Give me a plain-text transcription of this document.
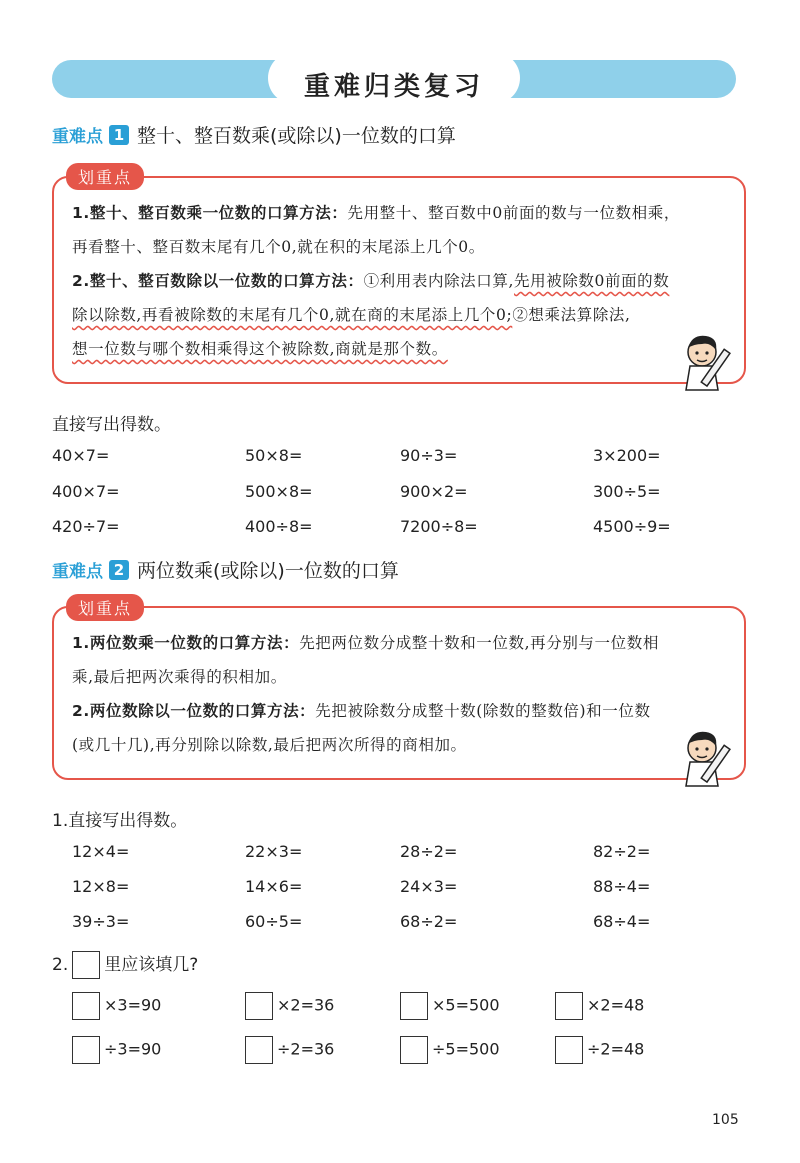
重难归类复习
重难点 1 整十、整百数乘(或除以)一位数的口算
划重点
1.整十、整百数乘一位数的口算方法：先用整十、整百数中0前面的数与一位数相乘，
再看整十、整百数末尾有几个0,就在积的末尾添上几个0。
2.整十、整百数除以一位数的口算方法：①利用表内除法口算,先用被除数0前面的数
除以除数,再看被除数的末尾有几个0,就在商的末尾添上几个0;②想乘法算除法,
想一位数与哪个数相乘得这个被除数,商就是那个数。
直接写出得数。
40×7=	50×8=	90÷3=	3×200=
400×7=	500×8=	900×2=	300÷5=
420÷7=	400÷8=	7200÷8=	4500÷9=
重难点 2 两位数乘(或除以)一位数的口算
划重点
1.两位数乘一位数的口算方法：先把两位数分成整十数和一位数,再分别与一位数相
乘,最后把两次乘得的积相加。
2.两位数除以一位数的口算方法：先把被除数分成整十数(除数的整数倍)和一位数
(或几十几),再分别除以除数,最后把两次所得的商相加。
1.直接写出得数。
12×4=	22×3=	28÷2=	82÷2=
12×8=	14×6=	24×3=	88÷4=
39÷3=	60÷5=	68÷2=	68÷4=
2. 里应该填几?
×3=90	×2=36	×5=500	×2=48
÷3=90	÷2=36	÷5=500	÷2=48
105
